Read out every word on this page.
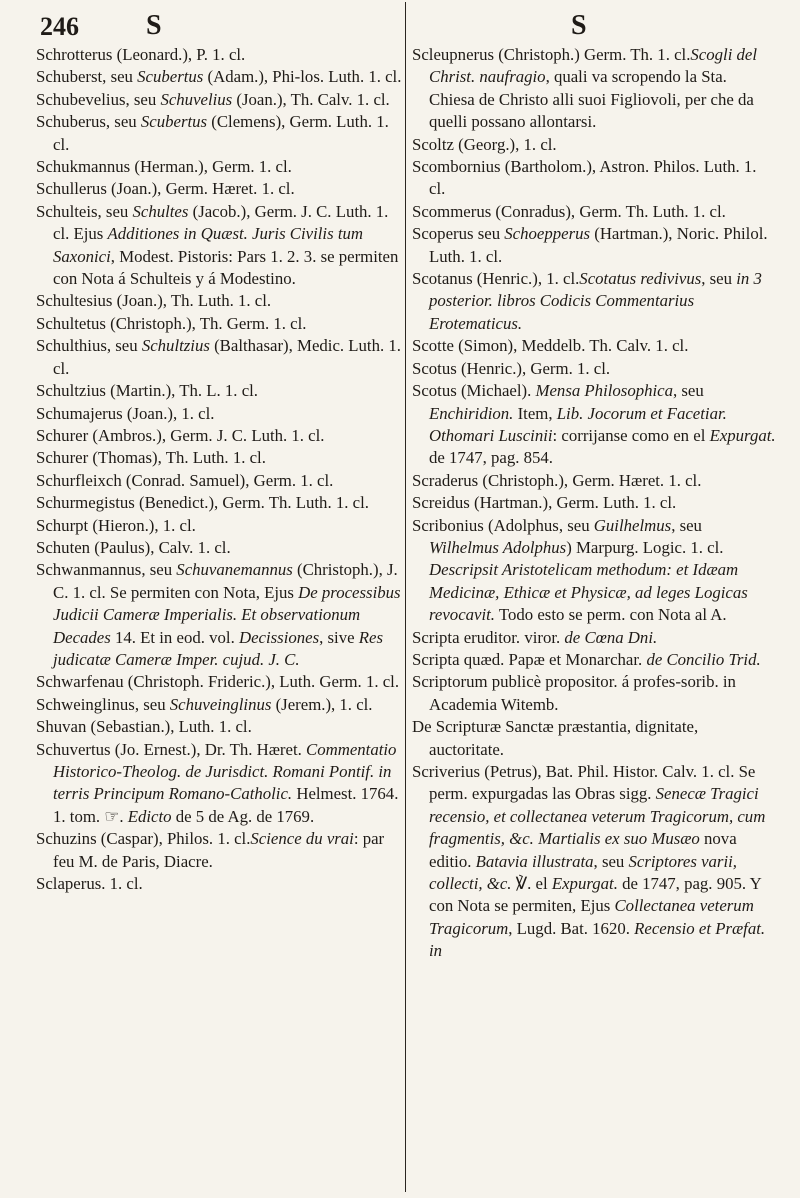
246 S	S

Schrotterus (Leonard.), P. 1. cl.

Schuberst, seu Scubertus (Adam.), Phi-los. Luth. 1. cl.

Schubevelius, seu Schuvelius (Joan.), Th. Calv. 1. cl.

Schuberus, seu Scubertus (Clemens), Germ. Luth. 1. cl.

Schukmannus (Herman.), Germ. 1. cl.

Schullerus (Joan.), Germ. Hæret. 1. cl.

Schulteis, seu Schultes (Jacob.), Germ. J. C. Luth. 1. cl. Ejus Additiones in Quæst. Juris Civilis tum Saxonici, Modest. Pistoris: Pars 1. 2. 3. se permiten con Nota á Schulteis y á Modestino.

Schultesius (Joan.), Th. Luth. 1. cl.

Schultetus (Christoph.), Th. Germ. 1. cl.

Schulthius, seu Schultzius (Balthasar), Medic. Luth. 1. cl.

Schultzius (Martin.), Th. L. 1. cl.

Schumajerus (Joan.), 1. cl.

Schurer (Ambros.), Germ. J. C. Luth. 1. cl.

Schurer (Thomas), Th. Luth. 1. cl.

Schurfleixch (Conrad. Samuel), Germ. 1. cl.

Schurmegistus (Benedict.), Germ. Th. Luth. 1. cl.

Schurpt (Hieron.), 1. cl.

Schuten (Paulus), Calv. 1. cl.

Schwanmannus, seu Schuvanemannus (Christoph.), J. C. 1. cl. Se permiten con Nota, Ejus De processibus Judicii Cameræ Imperialis. Et observationum Decades 14. Et in eod. vol. Decissiones, sive Res judicatæ Cameræ Imper. cujud. J. C.

Schwarfenau (Christoph. Frideric.), Luth. Germ. 1. cl.

Schweinglinus, seu Schuveinglinus (Jerem.), 1. cl.

Shuvan (Sebastian.), Luth. 1. cl.

Schuvertus (Jo. Ernest.), Dr. Th. Hæret. Commentatio Historico-Theolog. de Jurisdict. Romani Pontif. in terris Principum Romano-Catholic. Helmest. 1764. 1. tom. ☞. Edicto de 5 de Ag. de 1769.

Schuzins (Caspar), Philos. 1. cl.Science du vrai: par feu M. de Paris, Diacre.

Sclaperus. 1. cl.

Scleupnerus (Christoph.) Germ. Th. 1. cl.Scogli del Christ. naufragio, quali va scropendo la Sta. Chiesa de Christo alli suoi Figliovoli, per che da quelli possano allontarsi.

Scoltz (Georg.), 1. cl.

Scombornius (Bartholom.), Astron. Philos. Luth. 1. cl.

Scommerus (Conradus), Germ. Th. Luth. 1. cl.

Scoperus seu Schoepperus (Hartman.), Noric. Philol. Luth. 1. cl.

Scotanus (Henric.), 1. cl.Scotatus redivivus, seu in 3 posterior. libros Codicis Commentarius Erotematicus.

Scotte (Simon), Meddelb. Th. Calv. 1. cl.

Scotus (Henric.), Germ. 1. cl.

Scotus (Michael). Mensa Philosophica, seu Enchiridion. Item, Lib. Jocorum et Facetiar. Othomari Luscinii: corrijanse como en el Expurgat. de 1747, pag. 854.

Scraderus (Christoph.), Germ. Hæret. 1. cl.

Screidus (Hartman.), Germ. Luth. 1. cl.

Scribonius (Adolphus, seu Guilhelmus, seu Wilhelmus Adolphus) Marpurg. Logic. 1. cl. Descripsit Aristotelicam methodum: et Idæam Medicinæ, Ethicæ et Physicæ, ad leges Logicas revocavit. Todo esto se perm. con Nota al A.

Scripta eruditor. viror. de Cœna Dni.

Scripta quæd. Papæ et Monarchar. de Concilio Trid.

Scriptorum publicè propositor. á profes-sorib. in Academia Witemb.

De Scripturæ Sanctæ præstantia, dignitate, auctoritate.

Scriverius (Petrus), Bat. Phil. Histor. Calv. 1. cl. Se perm. expurgadas las Obras sigg. Senecæ Tragici recensio, et collectanea veterum Tragicorum, cum fragmentis, &c. Martialis ex suo Musæo nova editio. Batavia illustrata, seu Scriptores varii, collecti, &c. ℣. el Expurgat. de 1747, pag. 905. Y con Nota se permiten, Ejus Collectanea veterum Tragicorum, Lugd. Bat. 1620. Recensio et Præfat. in
